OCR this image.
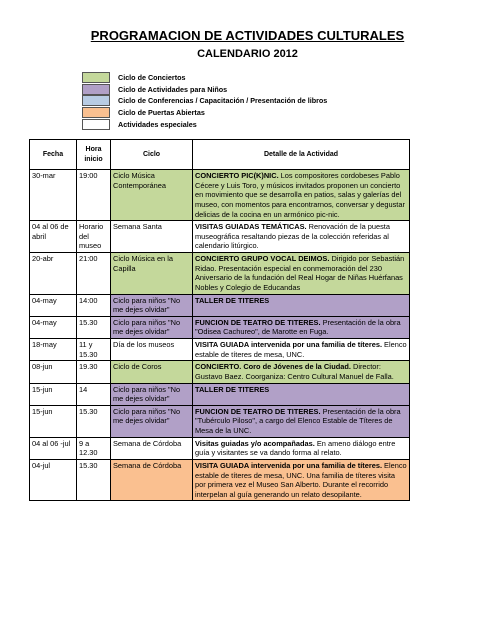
PROGRAMACION DE ACTIVIDADES CULTURALES
CALENDARIO 2012
Ciclo de Conciertos
Ciclo de Actividades para Niños
Ciclo de Conferencias / Capacitación / Presentación de libros
Ciclo de Puertas Abiertas
Actividades especiales
Fecha	Hora inicio	Ciclo	Detalle de la Actividad
30-mar	19:00	Ciclo Música Contemporánea	CONCIERTO PIC(K)NIC. Los compositores cordobeses Pablo Cécere y Luis Toro, y músicos invitados proponen un concierto en movimiento que se desarrolla en patios, salas y galerías del museo, con momentos para encontrarnos, conversar y degustar delicias de la cocina en un armónico pic-nic.
04 al 06 de abril	Horario del museo	Semana Santa	VISITAS GUIADAS TEMÁTICAS. Renovación de la puesta museográfica resaltando piezas de la colección referidas al calendario litúrgico.
20-abr	21:00	Ciclo Música en la Capilla	CONCIERTO GRUPO VOCAL DEIMOS. Dirigido por Sebastián Ridao. Presentación especial en conmemoración del 230 Aniversario de la fundación del Real Hogar de Niñas Huérfanas Nobles y Colegio de Educandas
04-may	14:00	Ciclo para niños "No me dejes olvidar"	TALLER DE TITERES
04-may	15.30	Ciclo para niños "No me dejes olvidar"	FUNCION DE TEATRO DE TITERES. Presentación de la obra "Odisea Cachureo", de Marotte en Fuga.
18-may	11 y 15.30	Día de los museos	VISITA GUIADA intervenida por una familia de títeres. Elenco estable de títeres de mesa, UNC.
08-jun	19.30	Ciclo de Coros	CONCIERTO. Coro de Jóvenes de la Ciudad. Director: Gustavo Baez. Coorganiza: Centro Cultural Manuel de Falla.
15-jun	14	Ciclo para niños "No me dejes olvidar"	TALLER DE TITERES
15-jun	15.30	Ciclo para niños "No me dejes olvidar"	FUNCION DE TEATRO DE TITERES. Presentación de la obra "Tubérculo Piloso", a cargo del Elenco Estable de Títeres de Mesa de la UNC.
04 al 06 -jul	9 a 12.30	Semana de Córdoba	Visitas guiadas y/o acompañadas. En ameno diálogo entre guía y visitantes se va dando forma al relato.
04-jul	15.30	Semana de Córdoba	VISITA GUIADA intervenida por una familia de títeres. Elenco estable de títeres de mesa, UNC. Una familia de títeres visita por primera vez el Museo San Alberto. Durante el recorrido interpelan al guía generando un relato desopilante.
